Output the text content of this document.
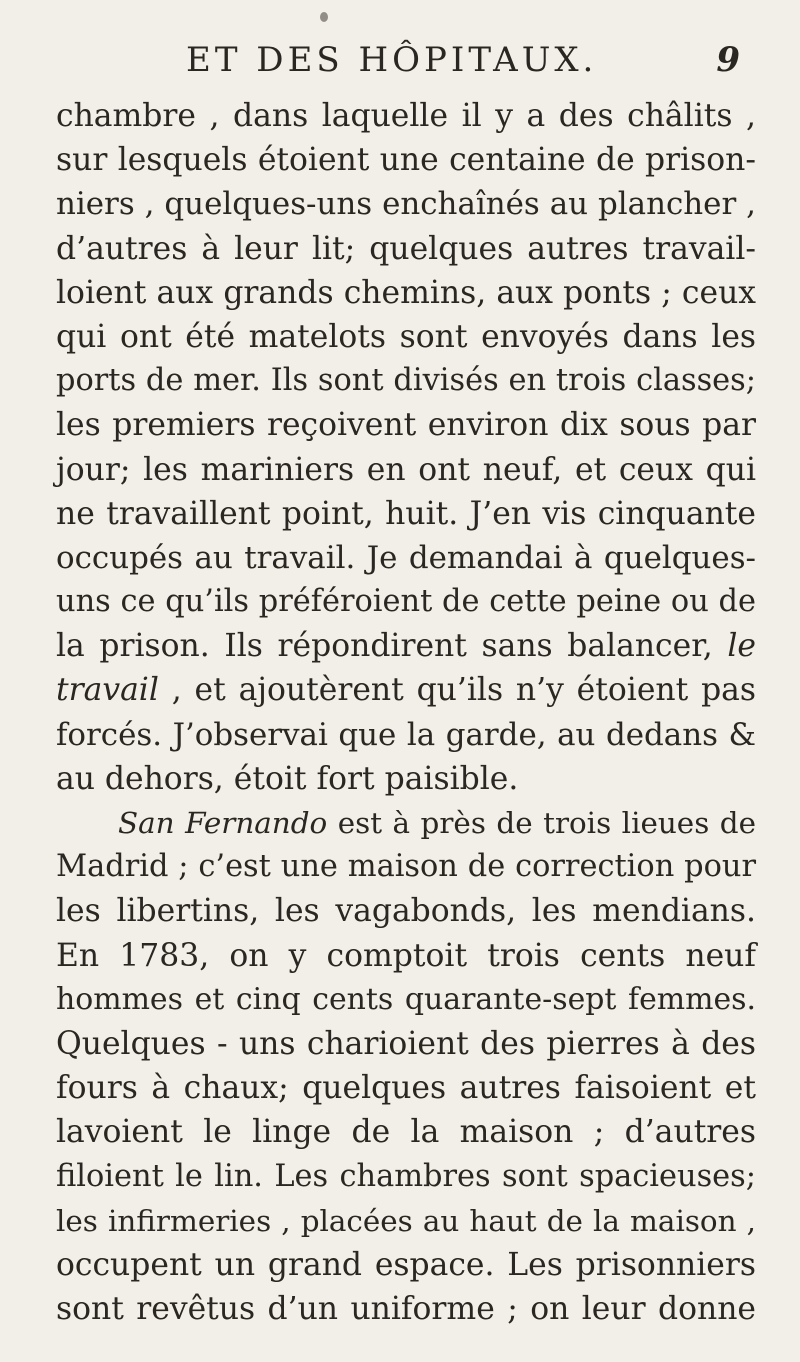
ET DES HÔPITAUX.	9
chambre , dans laquelle il y a des châlits ,
sur lesquels étoient une centaine de prison-
niers , quelques-uns enchaînés au plancher ,
d’autres à leur lit; quelques autres travail-
loient aux grands chemins, aux ponts ; ceux
qui ont été matelots sont envoyés dans les
ports de mer. Ils sont divisés en trois classes;
les premiers reçoivent environ dix sous par
jour; les mariniers en ont neuf, et ceux qui
ne travaillent point, huit. J’en vis cinquante
occupés au travail. Je demandai à quelques-
uns ce qu’ils préféroient de cette peine ou de
la prison. Ils répondirent sans balancer, le
travail , et ajoutèrent qu’ils n’y étoient pas
forcés. J’observai que la garde, au dedans &
au dehors, étoit fort paisible.
San Fernando est à près de trois lieues de
Madrid ; c’est une maison de correction pour
les libertins, les vagabonds, les mendians.
En 1783, on y comptoit trois cents neuf
hommes et cinq cents quarante-sept femmes.
Quelques - uns charioient des pierres à des
fours à chaux; quelques autres faisoient et
lavoient le linge de la maison ; d’autres
filoient le lin. Les chambres sont spacieuses;
les infirmeries , placées au haut de la maison ,
occupent un grand espace. Les prisonniers
sont revêtus d’un uniforme ; on leur donne
